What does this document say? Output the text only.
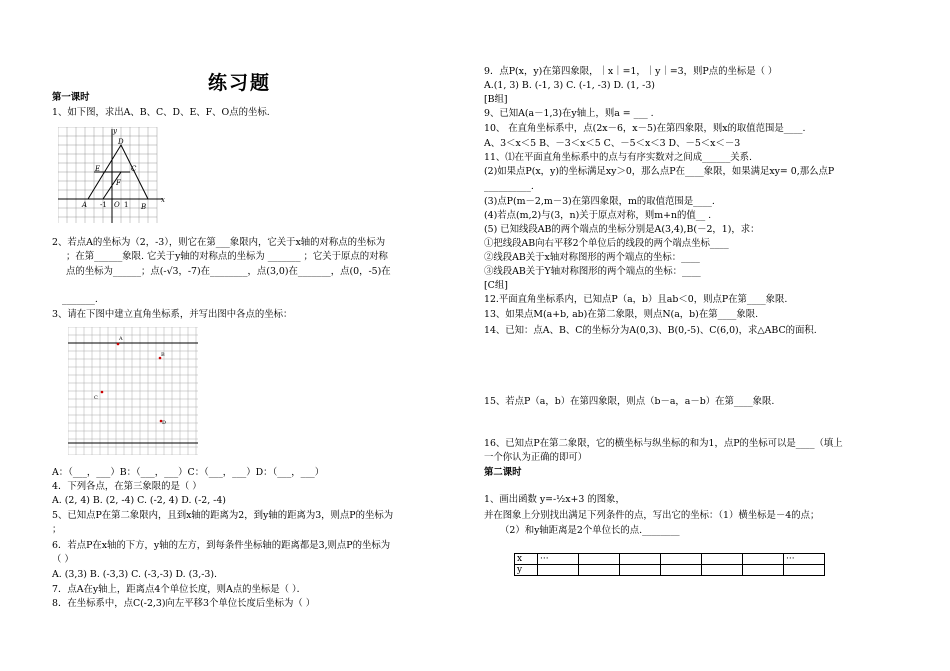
练习题
第一课时
1、如下图，求出A、B、C、D、E、F、O点的坐标.
y
x
D
E	C
F
A	B
O
-1 1
2、若点A的坐标为（2，-3），则它在第___象限内，它关于x轴的对称点的坐标为
；在第______象限. 它关于y轴的对称点的坐标为 _______ ；它关于原点的对称
点的坐标为______；点(-√3，-7)在________，点(3,0)在_______，点(0，-5)在
_______.
3、请在下图中建立直角坐标系，并写出图中各点的坐标：
A
B
C
D
A：（___，___）B：（___，___）C：（___，___）D：（___，___）
4．下列各点，在第三象限的是（ ）
A. (2, 4) B. (2, -4) C. (-2, 4) D. (-2, -4)
5、已知点P在第二象限内，且到x轴的距离为2，到y轴的距离为3，则点P的坐标为
；
6．若点P在x轴的下方，y轴的左方，到每条件坐标轴的距离都是3,则点P的坐标为
（ ）
A. (3,3) B. (-3,3) C. (-3,-3) D. (3,-3).
7．点A在y轴上，距离点4个单位长度，则A点的坐标是（ ）．
8．在坐标系中，点C(-2,3)向左平移3个单位长度后坐标为（ ）
9．点P(x，y)在第四象限，｜x｜=1，｜y｜=3，则P点的坐标是（ ）
A.(1, 3) B. (-1, 3) C. (-1, -3) D. (1, -3)
[B组]
9、已知A(a－1,3)在y轴上，则a = ___ .
10、 在直角坐标系中，点(2x－6，x－5)在第四象限，则x的取值范围是____.
A、3＜x＜5 B、－3＜x＜5 C、－5＜x＜3 D、－5＜x＜－3
11、⑴在平面直角坐标系中的点与有序实数对之间成______关系.
(2)如果点P(x，y)的坐标满足xy＞0，那么点P在____象限，如果满足xy= 0,那么点P
__________.
(3)点P(m－2,m－3)在第四象限，m的取值范围是____.
(4)若点(m,2)与(3，n)关于原点对称，则m+n的值__ .
(5) 已知线段AB的两个端点的坐标分别是A(3,4),B(－2，1)，求：
①把线段AB向右平移2个单位后的线段的两个端点坐标____
②线段AB关于x轴对称图形的两个端点的坐标：____
③线段AB关于Y轴对称图形的两个端点的坐标：____
[C组]
12.平面直角坐标系内，已知点P（a，b）且ab＜0，则点P在第____象限.
13、如果点M(a+b, ab)在第二象限，则点N(a，b)在第____象限.
14、已知：点A、B、C的坐标分为A(0,3)、B(0,-5)、C(6,0)，求△ABC的面积.
15、若点P（a，b）在第四象限，则点（b－a，a－b）在第____象限.
16、已知点P在第二象限，它的横坐标与纵坐标的和为1，点P的坐标可以是____（填上
一个你认为正确的即可）
第二课时
1、画出函数 y=-½x+3 的图象，
并在图象上分别找出满足下列条件的点，写出它的坐标：（1）横坐标是－4的点；
（2）和y轴距离是2个单位长的点.________
x	···						···
y							
